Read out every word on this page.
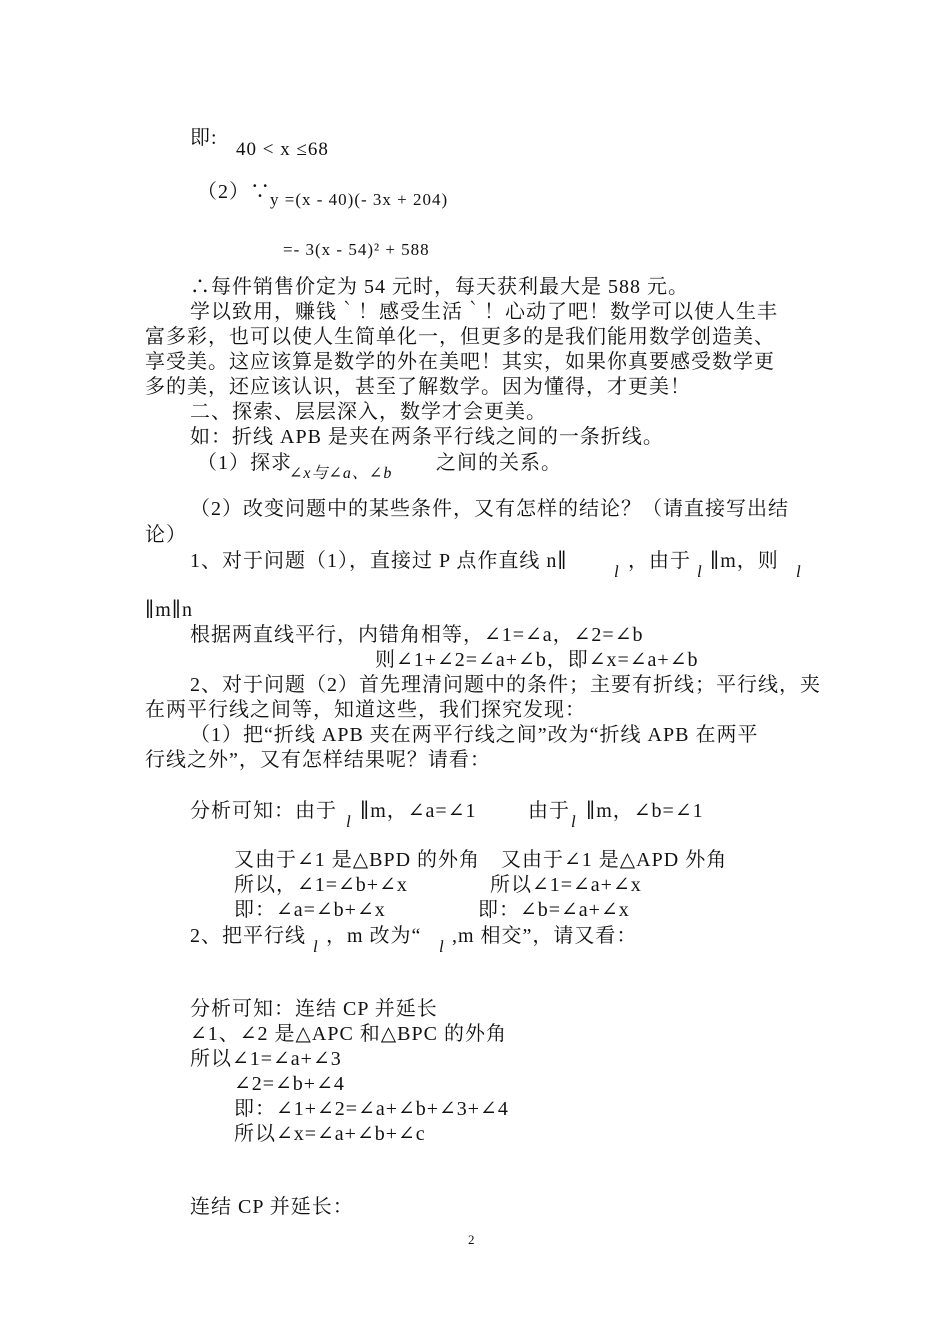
即:
40 < x ≤68
（2）∵ y =(x - 40)(- 3x + 204)
=- 3(x - 54)² + 588
∴每件销售价定为 54 元时，每天获利最大是 588 元。
学以致用，赚钱｀！感受生活｀！心动了吧！数学可以使人生丰
富多彩，也可以使人生简单化一，但更多的是我们能用数学创造美、
享受美。这应该算是数学的外在美吧！其实，如果你真要感受数学更
多的美，还应该认识，甚至了解数学。因为懂得，才更美！
二、探索、层层深入，数学才会更美。
如：折线 APB 是夹在两条平行线之间的一条折线。
（1）探求
∠x与∠a、∠b 之间的关系。
（2）改变问题中的某些条件，又有怎样的结论？（请直接写出结
论）
1、对于问题（1），直接过 P 点作直线 n∥	l ，由于 l ∥m，则 l
∥m∥n
根据两直线平行，内错角相等，∠1=∠a，∠2=∠b
则∠1+∠2=∠a+∠b，即∠x=∠a+∠b
2、对于问题（2）首先理清问题中的条件；主要有折线；平行线，夹
在两平行线之间等，知道这些，我们探究发现：
（1）把“折线 APB 夹在两平行线之间”改为“折线 APB 在两平
行线之外”，又有怎样结果呢？请看：
分析可知：由于 l ∥m，∠a=∠1	由于 l ∥m，∠b=∠1
又由于∠1 是△BPD 的外角　又由于∠1 是△APD 外角
所以，∠1=∠b+∠x	所以∠1=∠a+∠x
即：∠a=∠b+∠x	即：∠b=∠a+∠x
2、把平行线 l ，m 改为“ l ,m 相交”，请又看：
分析可知：连结 CP 并延长
∠1、∠2 是△APC 和△BPC 的外角
所以∠1=∠a+∠3
∠2=∠b+∠4
即：∠1+∠2=∠a+∠b+∠3+∠4
所以∠x=∠a+∠b+∠c
连结 CP 并延长：
2
